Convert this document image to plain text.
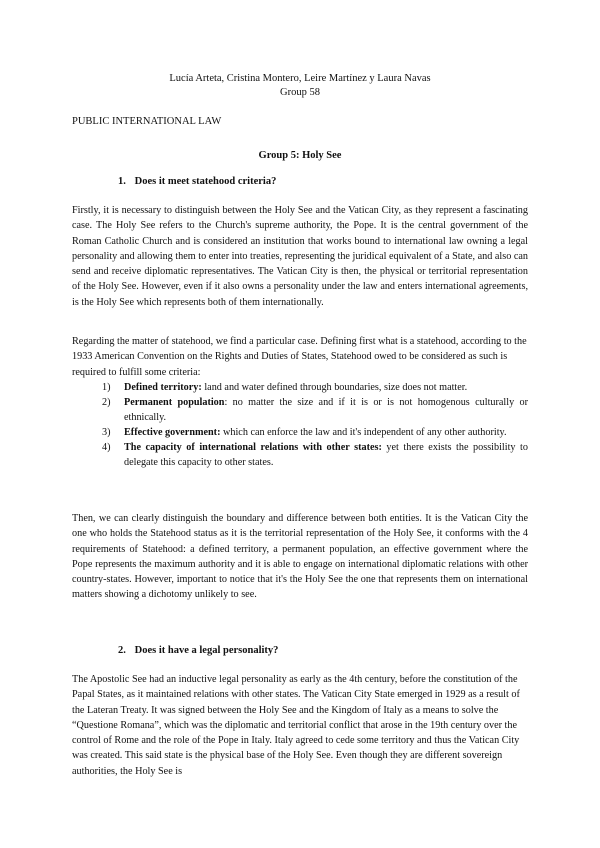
Lucía Arteta, Cristina Montero, Leire Martínez y Laura Navas
Group 58
PUBLIC INTERNATIONAL LAW
Group 5: Holy See
1. Does it meet statehood criteria?

Firstly, it is necessary to distinguish between the Holy See and the Vatican City, as they represent a fascinating case. The Holy See refers to the Church's supreme authority, the Pope. It is the central government of the Roman Catholic Church and is considered an institution that works bound to international law owning a legal personality and allowing them to enter into treaties, representing the juridical equivalent of a State, and also can send and receive diplomatic representatives. The Vatican City is then, the physical or territorial representation of the Holy See. However, even if it also owns a personality under the law and enters international agreements, is the Holy See which represents both of them internationally.

Regarding the matter of statehood, we find a particular case. Defining first what is a statehood, according to the 1933 American Convention on the Rights and Duties of States, Statehood owed to be considered as such is required to fulfill some criteria:

1) Defined territory: land and water defined through boundaries, size does not matter.
2) Permanent population: no matter the size and if it is or is not homogenous culturally or ethnically.
3) Effective government: which can enforce the law and it's independent of any other authority.
4) The capacity of international relations with other states: yet there exists the possibility to delegate this capacity to other states.

Then, we can clearly distinguish the boundary and difference between both entities. It is the Vatican City the one who holds the Statehood status as it is the territorial representation of the Holy See, it conforms with the 4 requirements of Statehood: a defined territory, a permanent population, an effective government where the Pope represents the maximum authority and it is able to engage on international diplomatic relations with other country-states. However, important to notice that it's the Holy See the one that represents them on international matters showing a dichotomy unlikely to see.

2. Does it have a legal personality?

The Apostolic See had an inductive legal personality as early as the 4th century, before the constitution of the Papal States, as it maintained relations with other states. The Vatican City State emerged in 1929 as a result of the Lateran Treaty. It was signed between the Holy See and the Kingdom of Italy as a means to solve the “Questione Romana”, which was the diplomatic and territorial conflict that arose in the 19th century over the control of Rome and the role of the Pope in Italy. Italy agreed to cede some territory and thus the Vatican City was created. This said state is the physical base of the Holy See. Even though they are different sovereign authorities, the Holy See is
